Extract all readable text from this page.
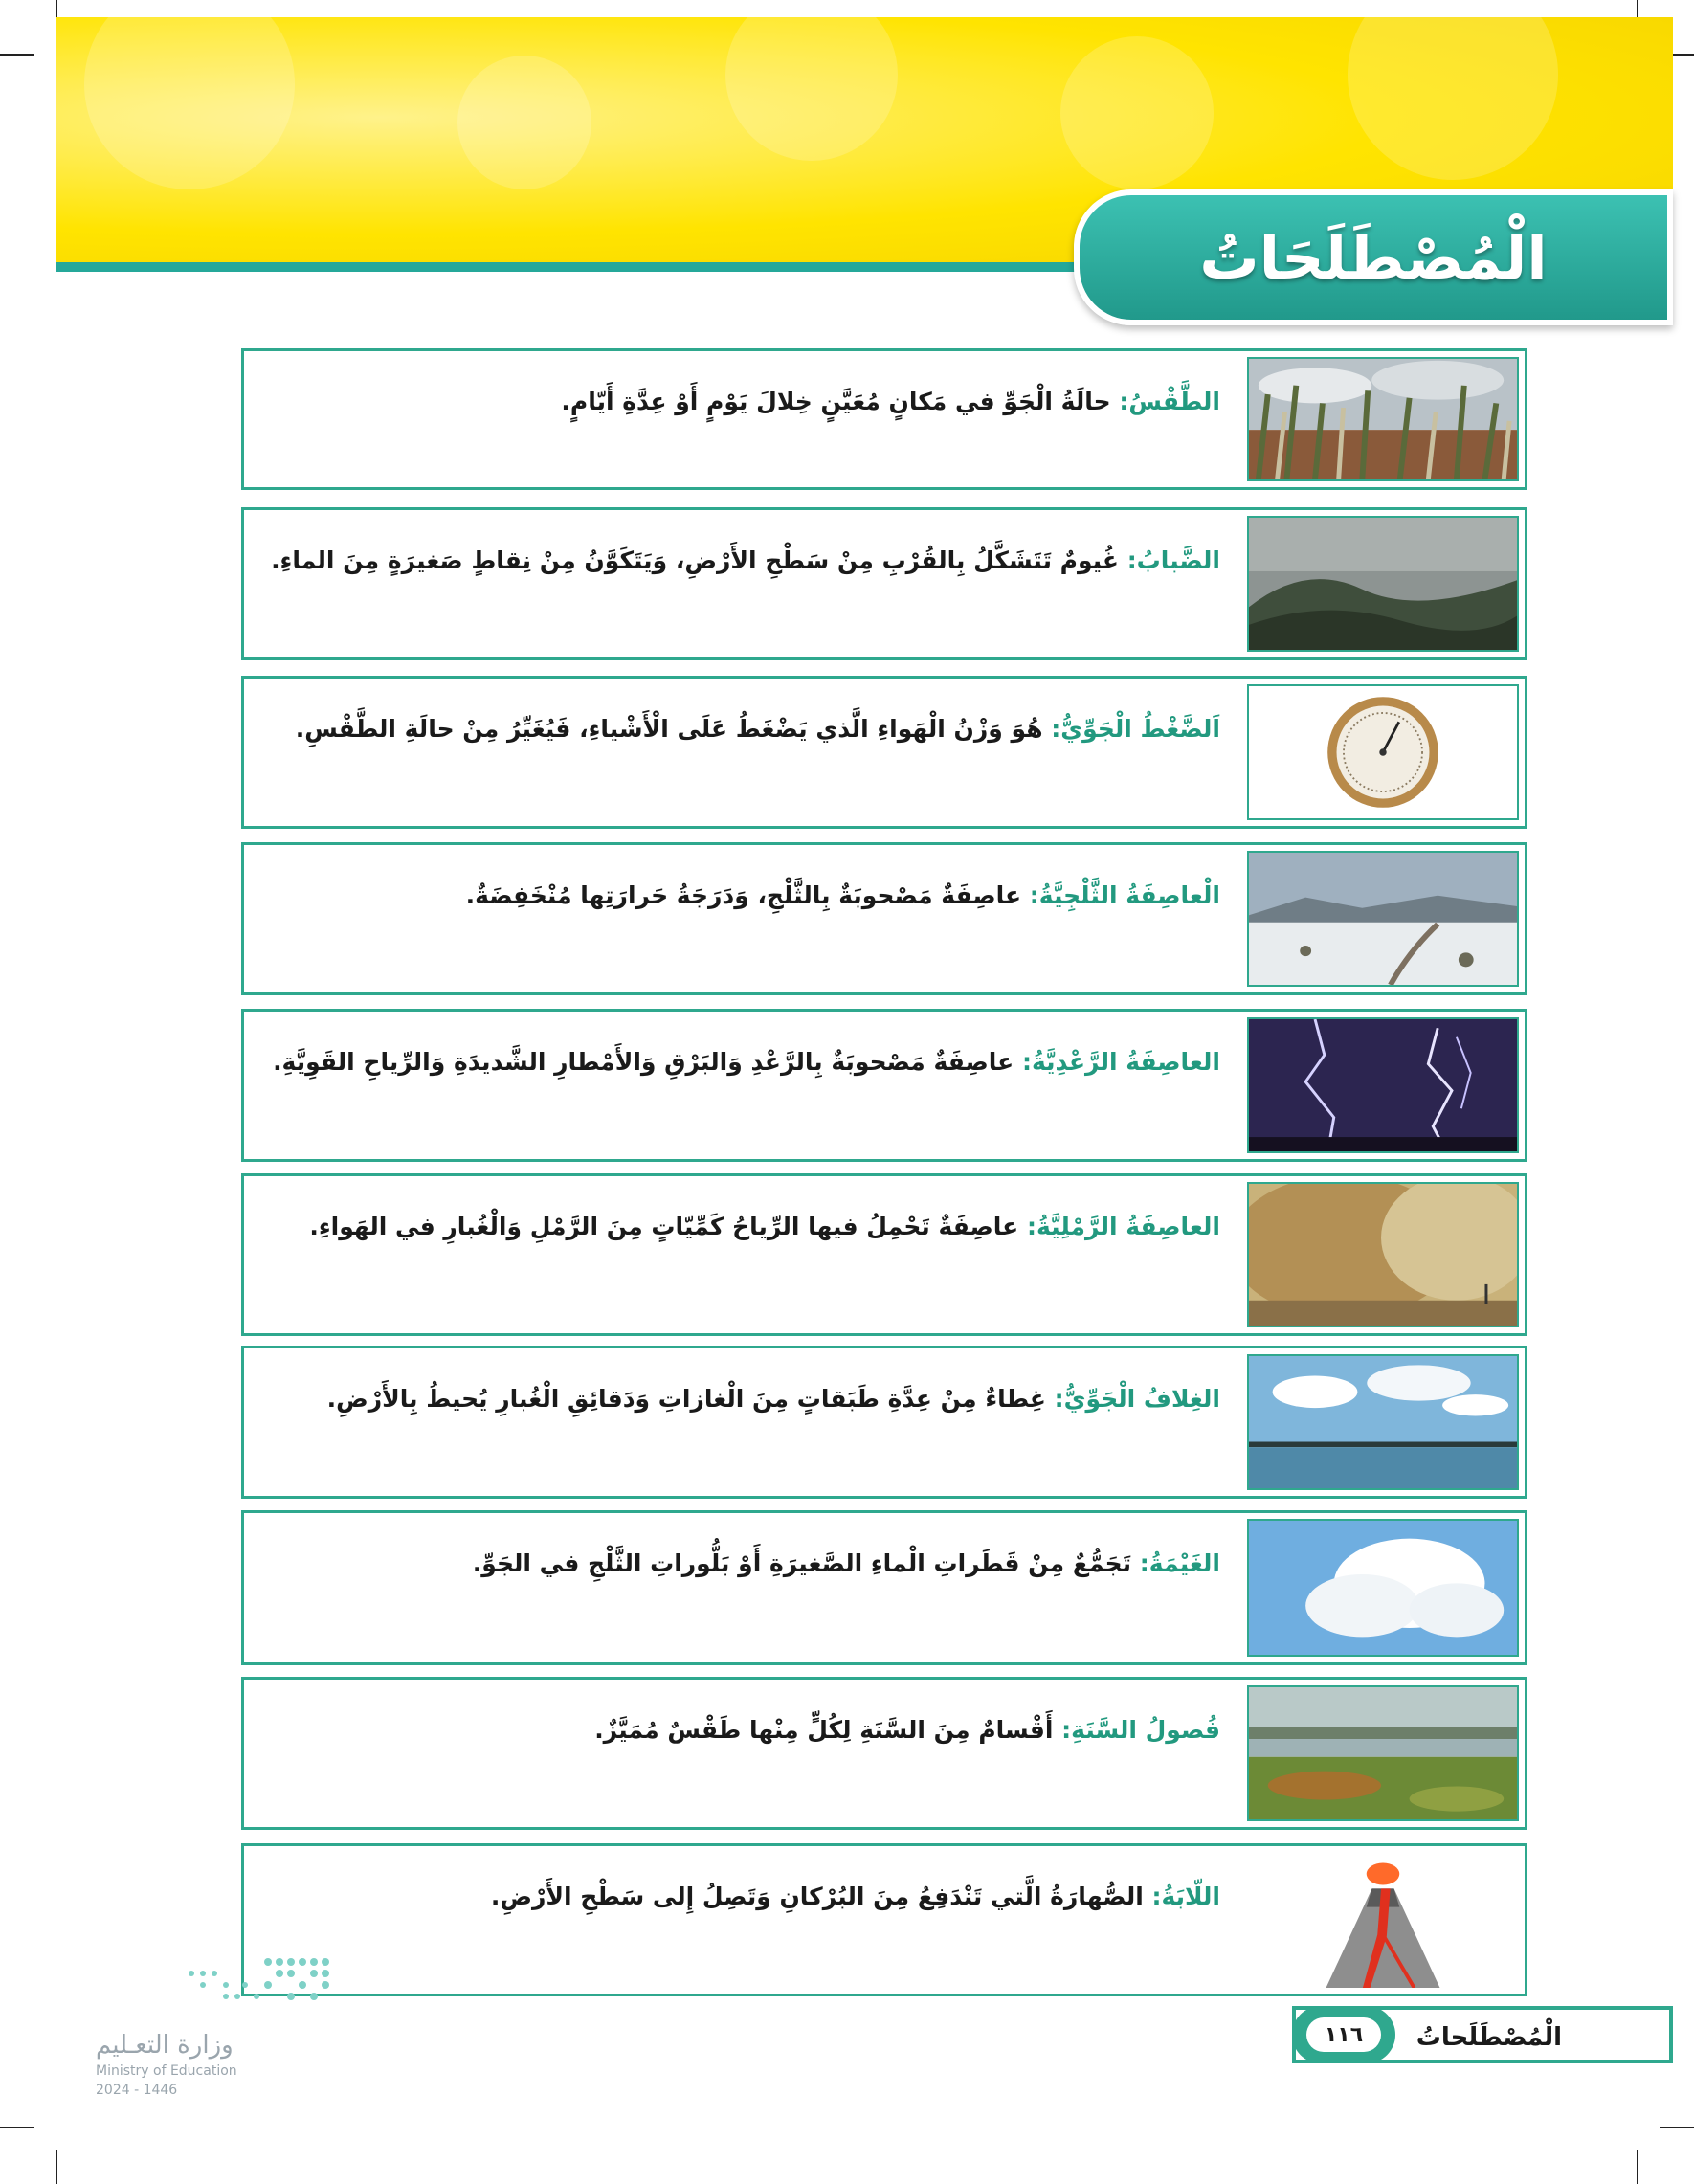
الْمُصْطَلَحَاتُ
الطَّقْسُ: حالَةُ الْجَوِّ في مَكانٍ مُعَيَّنٍ خِلالَ يَوْمٍ أَوْ عِدَّةِ أَيّامٍ.
الضَّبابُ: غُيومٌ تَتَشَكَّلُ بِالقُرْبِ مِنْ سَطْحِ الأَرْضِ، وَيَتَكَوَّنُ مِنْ نِقاطٍ صَغيرَةٍ مِنَ الماءِ.
اَلضَّغْطُ الْجَوِّيُّ: هُوَ وَزْنُ الْهَواءِ الَّذي يَضْغَطُ عَلَى الْأَشْياءِ، فَيُغَيِّرُ مِنْ حالَةِ الطَّقْسِ.
الْعاصِفَةُ الثَّلْجِيَّةُ: عاصِفَةٌ مَصْحوبَةٌ بِالثَّلْجِ، وَدَرَجَةُ حَرارَتِها مُنْخَفِضَةٌ.
العاصِفَةُ الرَّعْدِيَّةُ: عاصِفَةٌ مَصْحوبَةٌ بِالرَّعْدِ وَالبَرْقِ وَالأَمْطارِ الشَّديدَةِ وَالرِّياحِ القَوِيَّةِ.
العاصِفَةُ الرَّمْلِيَّةُ: عاصِفَةٌ تَحْمِلُ فيها الرِّياحُ كَمِّيّاتٍ مِنَ الرَّمْلِ وَالْغُبارِ في الهَواءِ.
الغِلافُ الْجَوِّيُّ: غِطاءٌ مِنْ عِدَّةِ طَبَقاتٍ مِنَ الْغازاتِ وَدَقائِقِ الْغُبارِ يُحيطُ بِالأَرْضِ.
الغَيْمَةُ: تَجَمُّعٌ مِنْ قَطَراتِ الْماءِ الصَّغيرَةِ أَوْ بَلُّوراتِ الثَّلْجِ في الجَوِّ.
فُصولُ السَّنَةِ: أَقْسامٌ مِنَ السَّنَةِ لِكُلٍّ مِنْها طَقْسٌ مُمَيَّزٌ.
اللّابَةُ: الصُّهارَةُ الَّتي تَنْدَفِعُ مِنَ البُرْكانِ وَتَصِلُ إِلى سَطْحِ الأَرْضِ.
الْمُصْطَلَحاتُ
١١٦
وزارة التعـليم
Ministry of Education
2024 - 1446
